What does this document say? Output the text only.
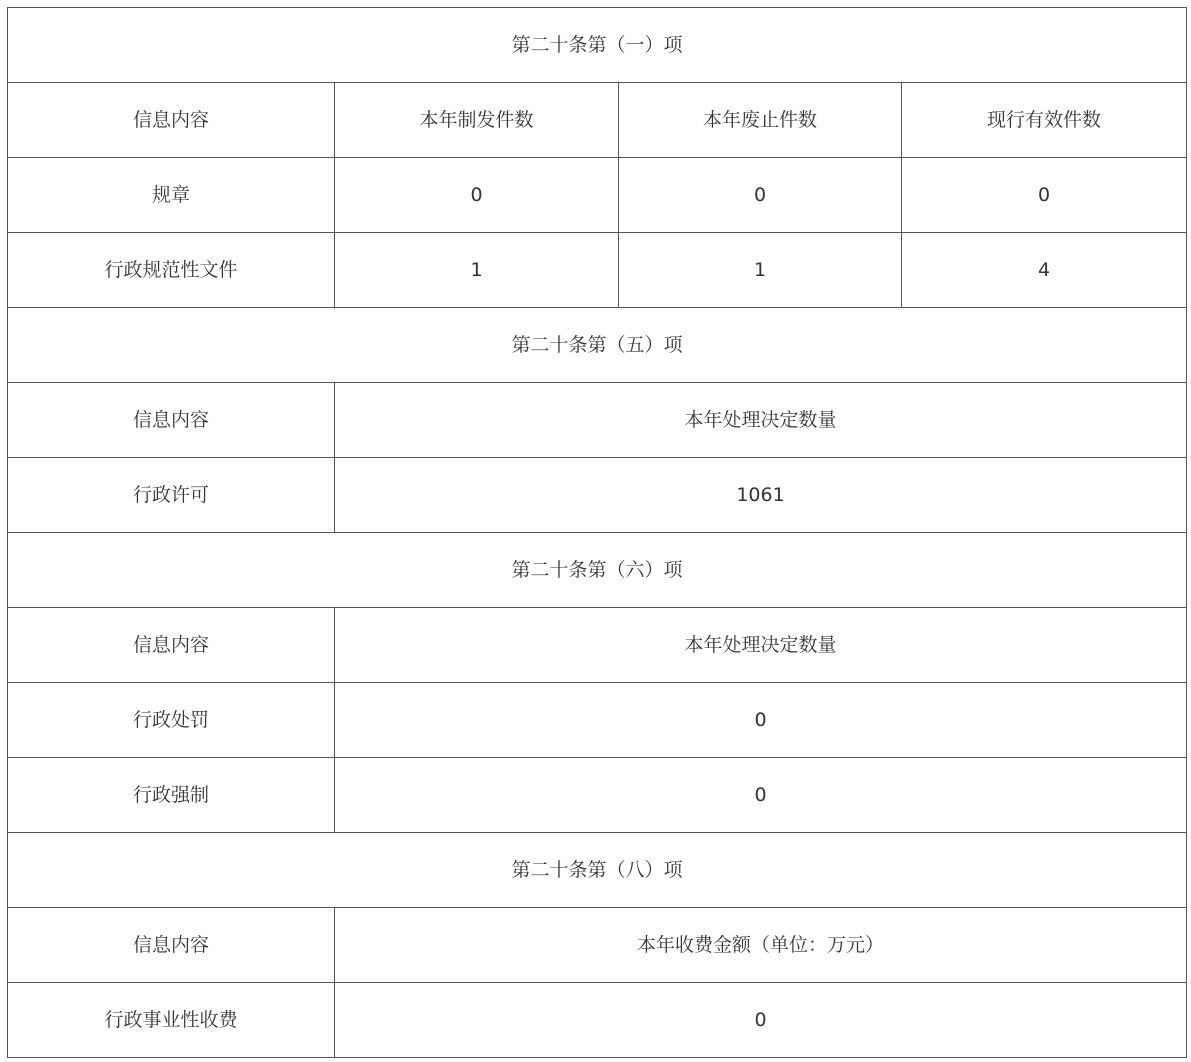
第二十条第（一）项			
信息内容	本年制发件数	本年废止件数	现行有效件数
规章	0	0	0
行政规范性文件	1	1	4
第二十条第（五）项			
信息内容	本年处理决定数量		
行政许可	1061		
第二十条第（六）项			
信息内容	本年处理决定数量		
行政处罚	0		
行政强制	0		
第二十条第（八）项			
信息内容	本年收费金额（单位：万元）		
行政事业性收费	0		
